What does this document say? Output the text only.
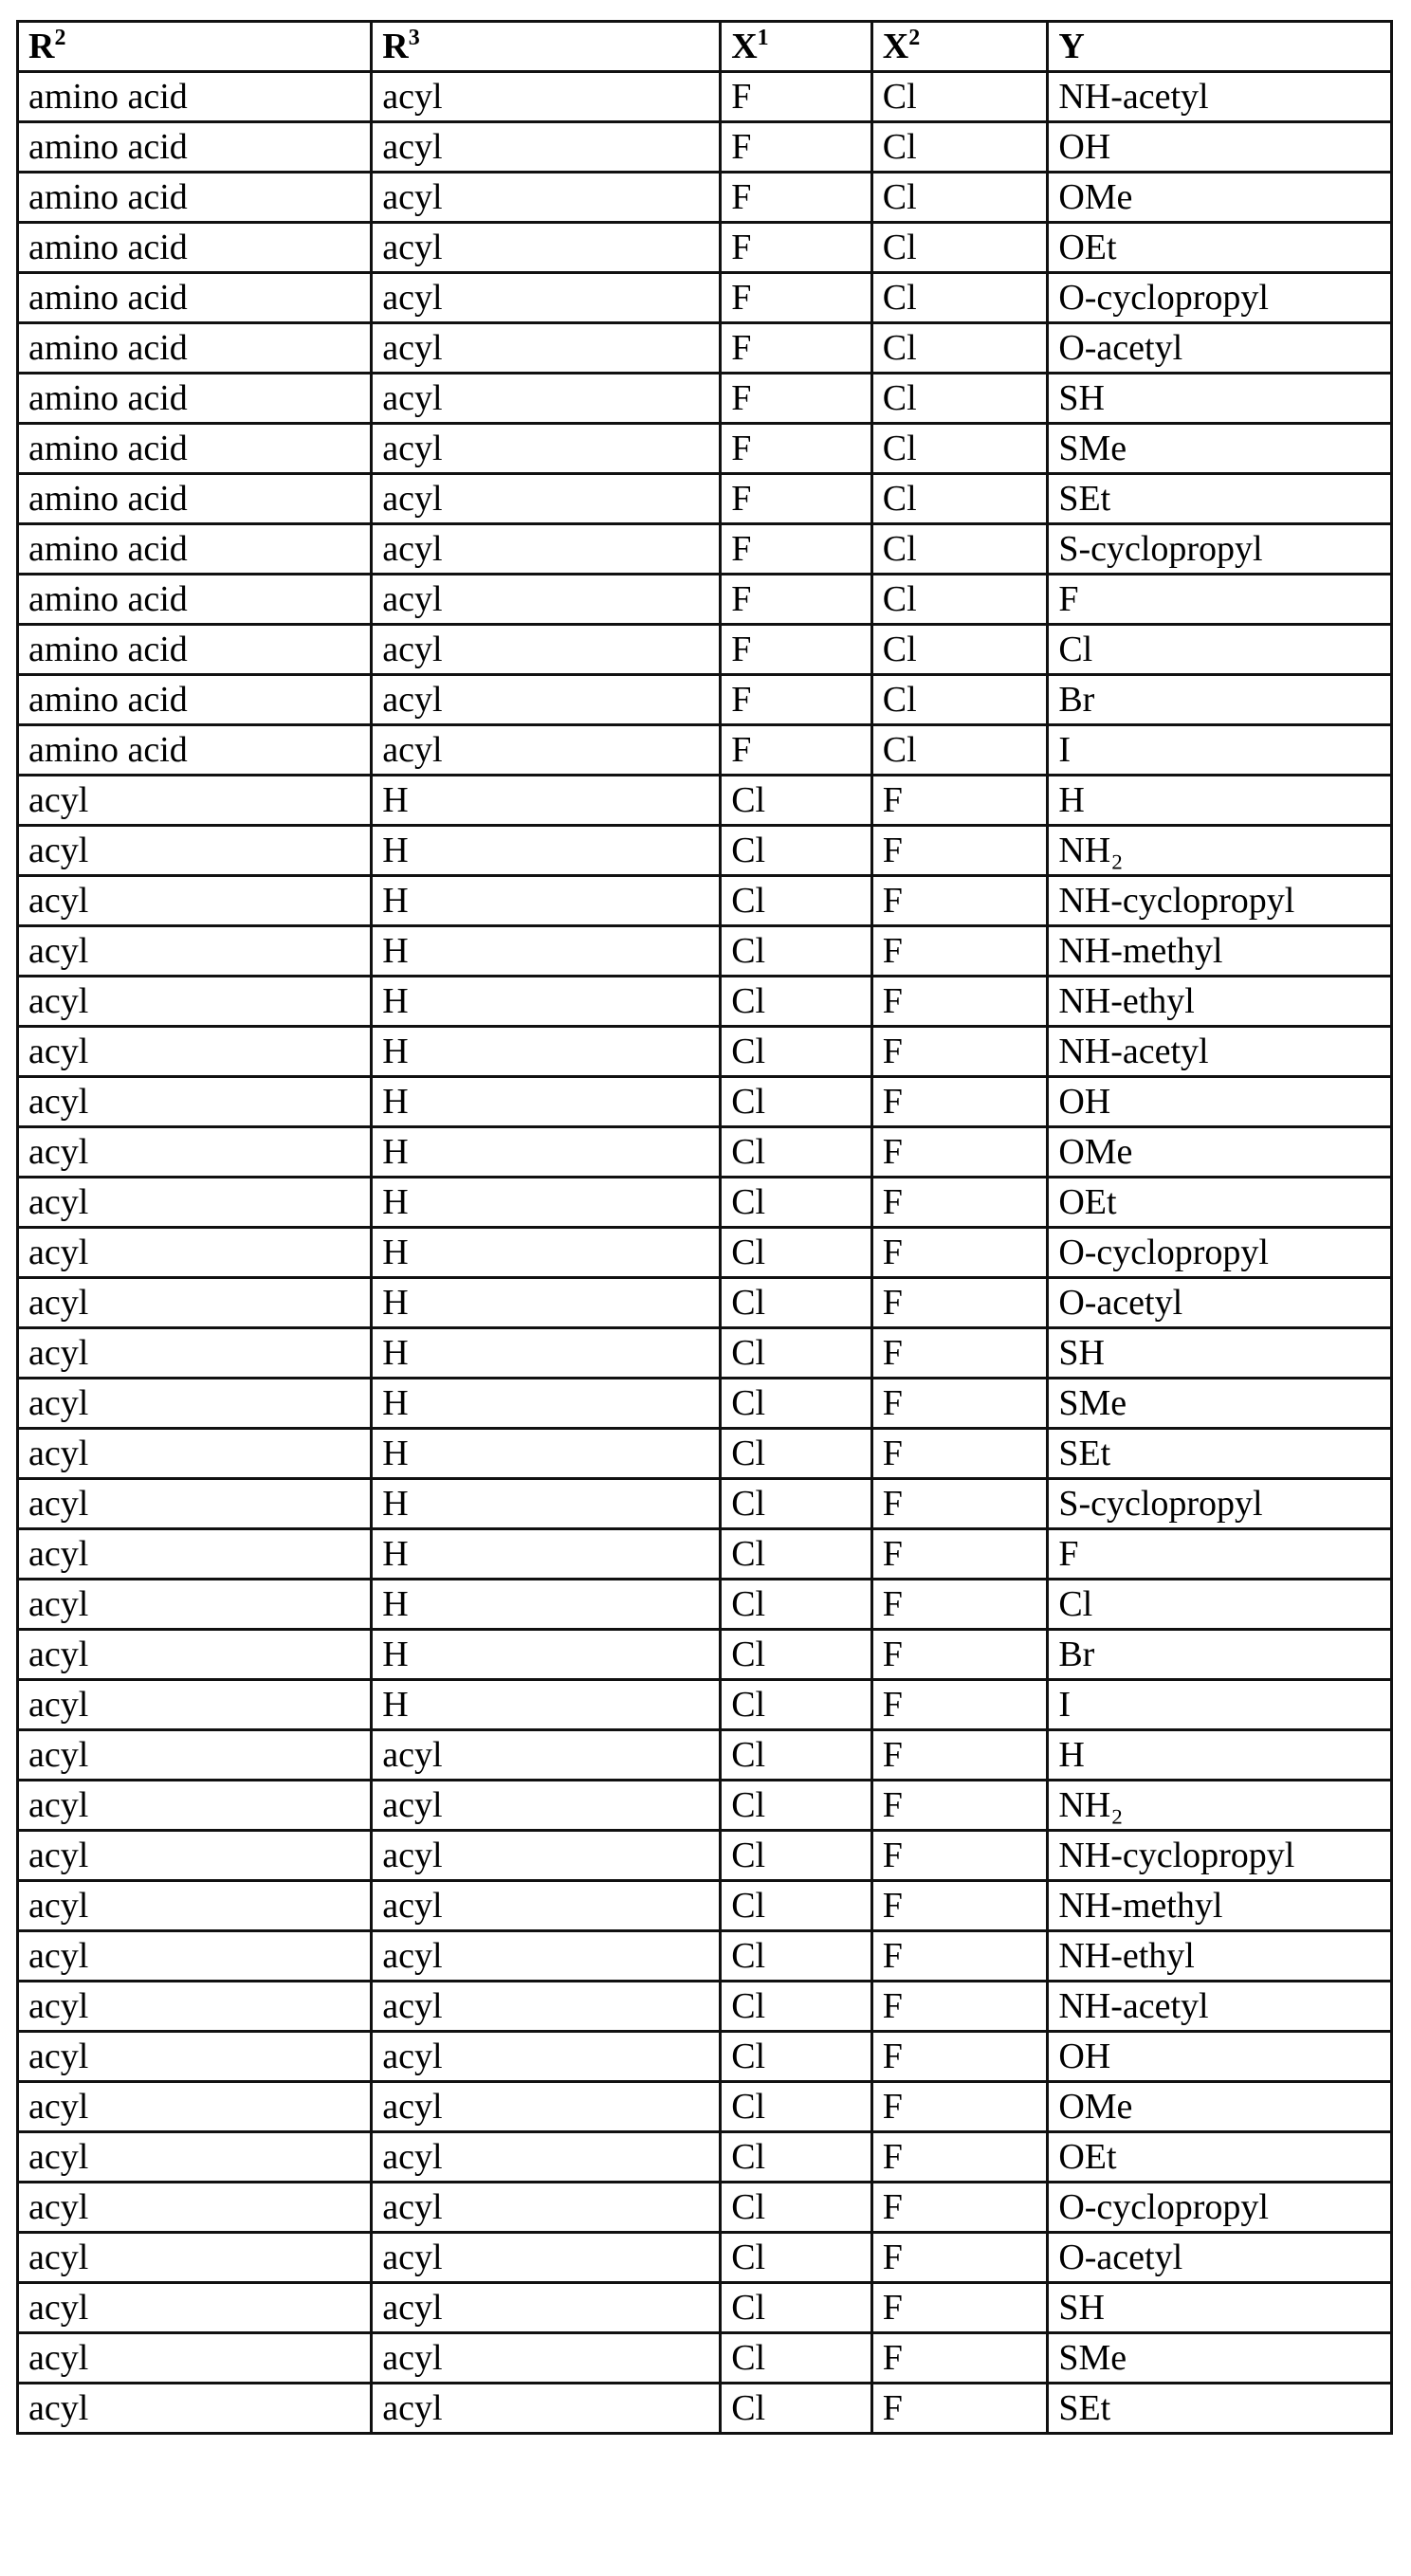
R2	R3	X1	X2	Y
amino acid	acyl	F	Cl	NH-acetyl
amino acid	acyl	F	Cl	OH
amino acid	acyl	F	Cl	OMe
amino acid	acyl	F	Cl	OEt
amino acid	acyl	F	Cl	O-cyclopropyl
amino acid	acyl	F	Cl	O-acetyl
amino acid	acyl	F	Cl	SH
amino acid	acyl	F	Cl	SMe
amino acid	acyl	F	Cl	SEt
amino acid	acyl	F	Cl	S-cyclopropyl
amino acid	acyl	F	Cl	F
amino acid	acyl	F	Cl	Cl
amino acid	acyl	F	Cl	Br
amino acid	acyl	F	Cl	I
acyl	H	Cl	F	H
acyl	H	Cl	F	NH₂
acyl	H	Cl	F	NH-cyclopropyl
acyl	H	Cl	F	NH-methyl
acyl	H	Cl	F	NH-ethyl
acyl	H	Cl	F	NH-acetyl
acyl	H	Cl	F	OH
acyl	H	Cl	F	OMe
acyl	H	Cl	F	OEt
acyl	H	Cl	F	O-cyclopropyl
acyl	H	Cl	F	O-acetyl
acyl	H	Cl	F	SH
acyl	H	Cl	F	SMe
acyl	H	Cl	F	SEt
acyl	H	Cl	F	S-cyclopropyl
acyl	H	Cl	F	F
acyl	H	Cl	F	Cl
acyl	H	Cl	F	Br
acyl	H	Cl	F	I
acyl	acyl	Cl	F	H
acyl	acyl	Cl	F	NH₂
acyl	acyl	Cl	F	NH-cyclopropyl
acyl	acyl	Cl	F	NH-methyl
acyl	acyl	Cl	F	NH-ethyl
acyl	acyl	Cl	F	NH-acetyl
acyl	acyl	Cl	F	OH
acyl	acyl	Cl	F	OMe
acyl	acyl	Cl	F	OEt
acyl	acyl	Cl	F	O-cyclopropyl
acyl	acyl	Cl	F	O-acetyl
acyl	acyl	Cl	F	SH
acyl	acyl	Cl	F	SMe
acyl	acyl	Cl	F	SEt
